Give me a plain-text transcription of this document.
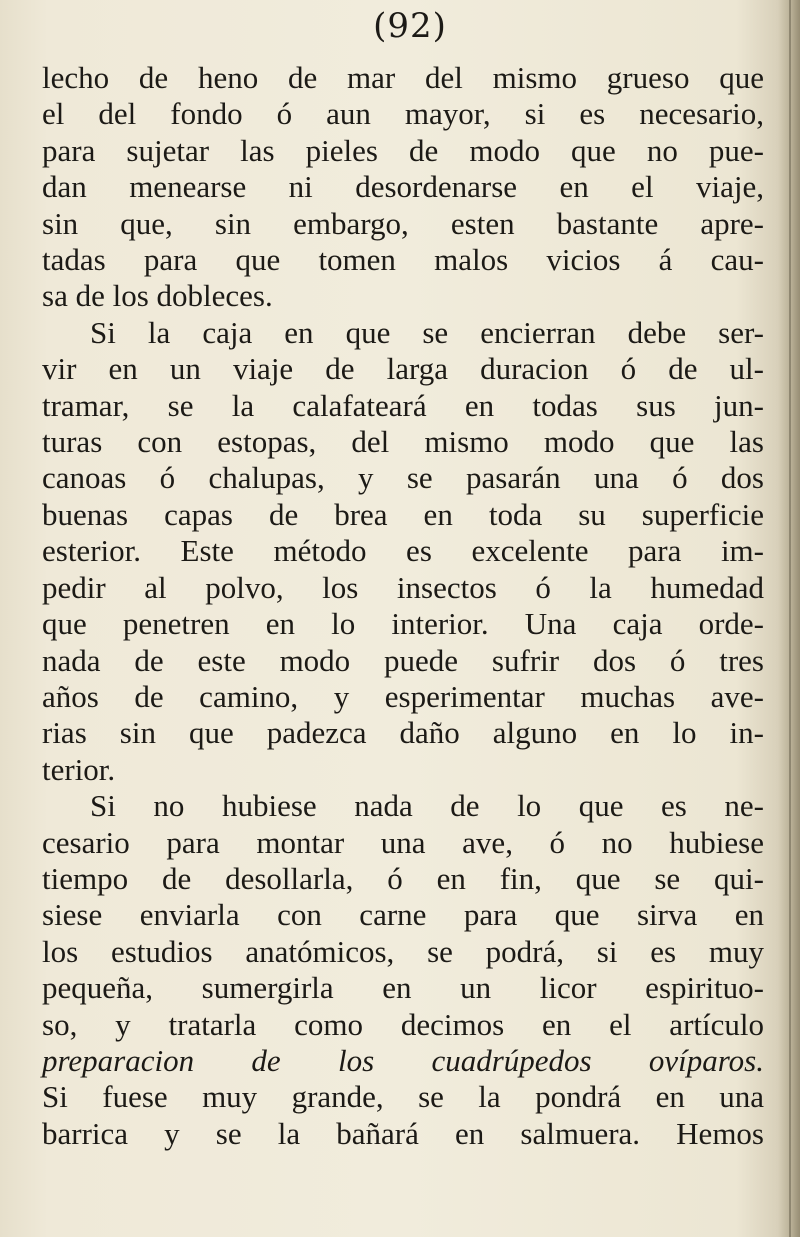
(92)
lecho de heno de mar del mismo grueso que
el del fondo ó aun mayor, si es necesario,
para sujetar las pieles de modo que no pue-
dan menearse ni desordenarse en el viaje,
sin que, sin embargo, esten bastante apre-
tadas para que tomen malos vicios á cau-
sa de los dobleces.
Si la caja en que se encierran debe ser-
vir en un viaje de larga duracion ó de ul-
tramar, se la calafateará en todas sus jun-
turas con estopas, del mismo modo que las
canoas ó chalupas, y se pasarán una ó dos
buenas capas de brea en toda su superficie
esterior. Este método es excelente para im-
pedir al polvo, los insectos ó la humedad
que penetren en lo interior. Una caja orde-
nada de este modo puede sufrir dos ó tres
años de camino, y esperimentar muchas ave-
rias sin que padezca daño alguno en lo in-
terior.
Si no hubiese nada de lo que es ne-
cesario para montar una ave, ó no hubiese
tiempo de desollarla, ó en fin, que se qui-
siese enviarla con carne para que sirva en
los estudios anatómicos, se podrá, si es muy
pequeña, sumergirla en un licor espirituo-
so, y tratarla como decimos en el artículo
preparacion de los cuadrúpedos ovíparos.
Si fuese muy grande, se la pondrá en una
barrica y se la bañará en salmuera. Hemos
